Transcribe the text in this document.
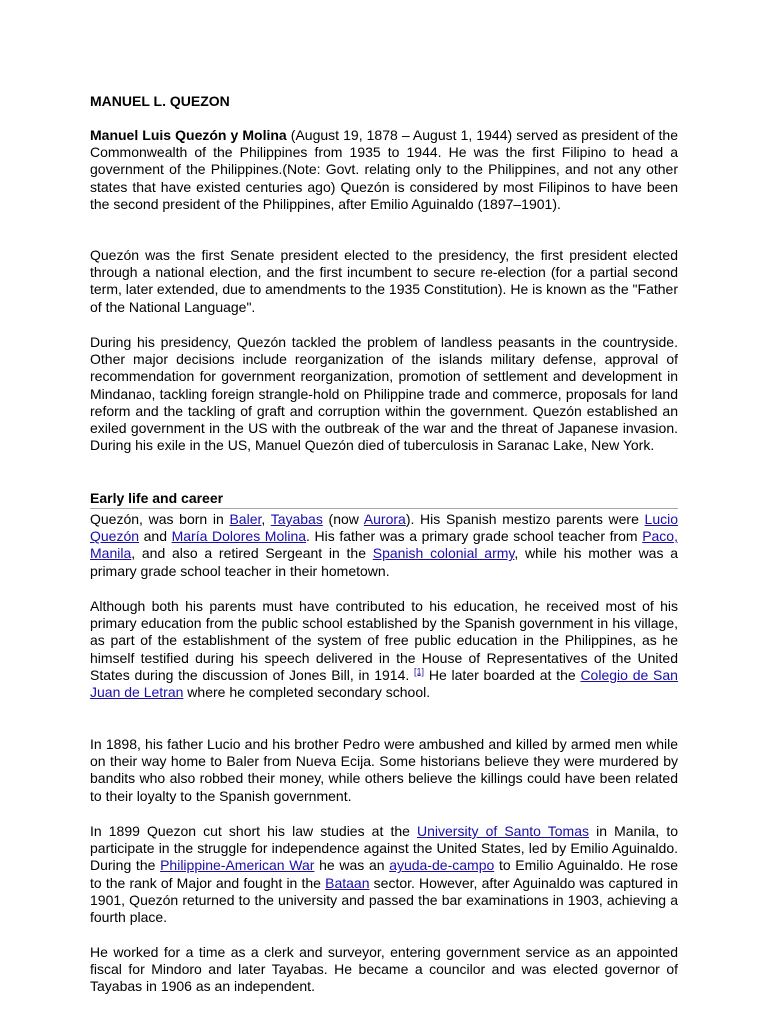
MANUEL L. QUEZON

Manuel Luis Quezón y Molina (August 19, 1878 – August 1, 1944) served as president of the Commonwealth of the Philippines from 1935 to 1944. He was the first Filipino to head a government of the Philippines.(Note: Govt. relating only to the Philippines, and not any other states that have existed centuries ago) Quezón is considered by most Filipinos to have been the second president of the Philippines, after Emilio Aguinaldo (1897–1901).

Quezón was the first Senate president elected to the presidency, the first president elected through a national election, and the first incumbent to secure re-election (for a partial second term, later extended, due to amendments to the 1935 Constitution). He is known as the "Father of the National Language".

During his presidency, Quezón tackled the problem of landless peasants in the countryside. Other major decisions include reorganization of the islands military defense, approval of recommendation for government reorganization, promotion of settlement and development in Mindanao, tackling foreign strangle-hold on Philippine trade and commerce, proposals for land reform and the tackling of graft and corruption within the government. Quezón established an exiled government in the US with the outbreak of the war and the threat of Japanese invasion. During his exile in the US, Manuel Quezón died of tuberculosis in Saranac Lake, New York.

Early life and career

Quezón, was born in Baler, Tayabas (now Aurora). His Spanish mestizo parents were Lucio Quezón and María Dolores Molina. His father was a primary grade school teacher from Paco, Manila, and also a retired Sergeant in the Spanish colonial army, while his mother was a primary grade school teacher in their hometown.

Although both his parents must have contributed to his education, he received most of his primary education from the public school established by the Spanish government in his village, as part of the establishment of the system of free public education in the Philippines, as he himself testified during his speech delivered in the House of Representatives of the United States during the discussion of Jones Bill, in 1914. [1] He later boarded at the Colegio de San Juan de Letran where he completed secondary school.

In 1898, his father Lucio and his brother Pedro were ambushed and killed by armed men while on their way home to Baler from Nueva Ecija. Some historians believe they were murdered by bandits who also robbed their money, while others believe the killings could have been related to their loyalty to the Spanish government.

In 1899 Quezon cut short his law studies at the University of Santo Tomas in Manila, to participate in the struggle for independence against the United States, led by Emilio Aguinaldo. During the Philippine-American War he was an ayuda-de-campo to Emilio Aguinaldo. He rose to the rank of Major and fought in the Bataan sector. However, after Aguinaldo was captured in 1901, Quezón returned to the university and passed the bar examinations in 1903, achieving a fourth place.

He worked for a time as a clerk and surveyor, entering government service as an appointed fiscal for Mindoro and later Tayabas. He became a councilor and was elected governor of Tayabas in 1906 as an independent.
